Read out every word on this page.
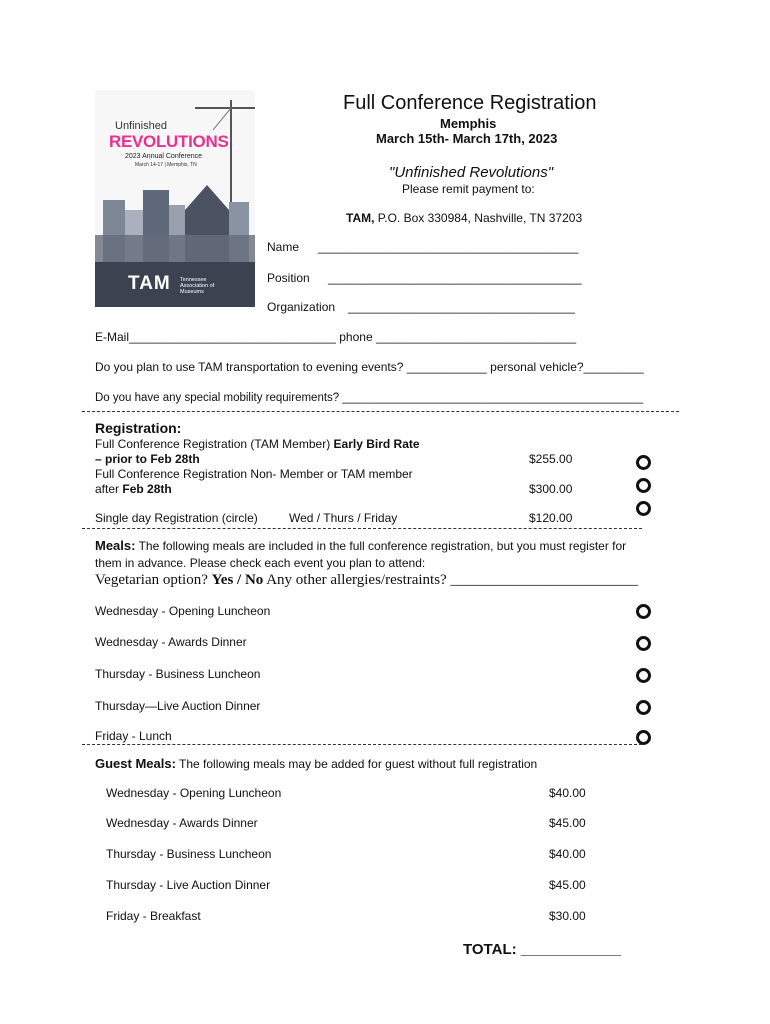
Unfinished
REVOLUTIONS
2023 Annual Conference
March 14-17 | Memphis, TN
TAM Tennessee Association of Museums
Full Conference Registration
Memphis
March 15th- March 17th, 2023
"Unfinished Revolutions"
Please remit payment to:
TAM, P.O. Box 330984, Nashville, TN 37203
Name _______________________________________
Position ______________________________________
Organization __________________________________
E-Mail_______________________________ phone ______________________________
Do you plan to use TAM transportation to evening events? ____________ personal vehicle?_________
Do you have any special mobility requirements? _______________________________________________
Registration:
Full Conference Registration (TAM Member) Early Bird Rate
– prior to Feb 28th	$255.00
Full Conference Registration Non- Member or TAM member
after Feb 28th	$300.00
Single day Registration (circle)	Wed / Thurs / Friday	$120.00
Meals: The following meals are included in the full conference registration, but you must register for
them in advance. Please check each event you plan to attend:
Vegetarian option? Yes / No Any other allergies/restraints? _________________________
Wednesday - Opening Luncheon
Wednesday - Awards Dinner
Thursday - Business Luncheon
Thursday—Live Auction Dinner
Friday - Lunch
Guest Meals: The following meals may be added for guest without full registration
Wednesday - Opening Luncheon	$40.00
Wednesday - Awards Dinner	$45.00
Thursday - Business Luncheon	$40.00
Thursday - Live Auction Dinner	$45.00
Friday - Breakfast	$30.00
TOTAL: ____________
